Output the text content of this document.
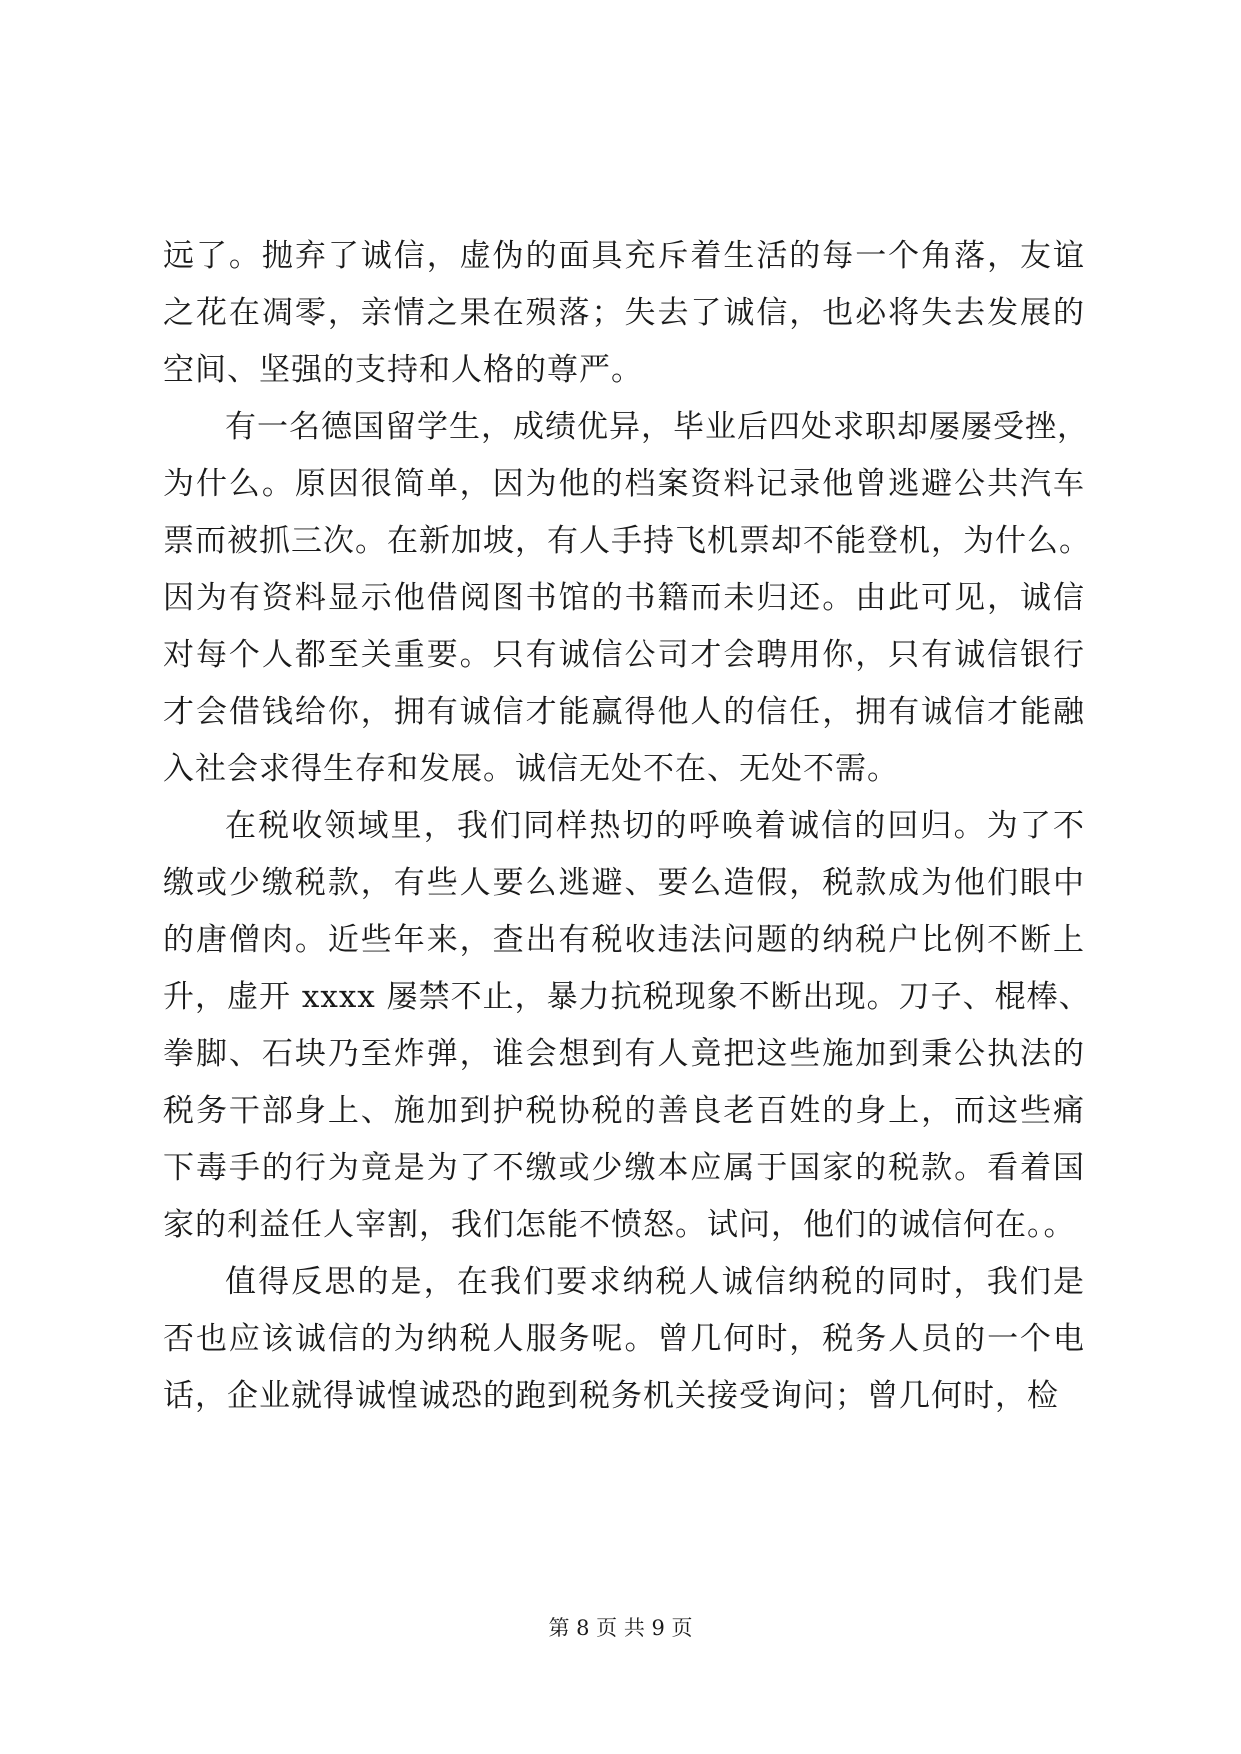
远了。抛弃了诚信，虚伪的面具充斥着生活的每一个角落，友谊
之花在凋零，亲情之果在殒落；失去了诚信，也必将失去发展的
空间、坚强的支持和人格的尊严。
有一名德国留学生，成绩优异，毕业后四处求职却屡屡受挫，
为什么。原因很简单，因为他的档案资料记录他曾逃避公共汽车
票而被抓三次。在新加坡，有人手持飞机票却不能登机，为什么。
因为有资料显示他借阅图书馆的书籍而未归还。由此可见，诚信
对每个人都至关重要。只有诚信公司才会聘用你，只有诚信银行
才会借钱给你，拥有诚信才能赢得他人的信任，拥有诚信才能融
入社会求得生存和发展。诚信无处不在、无处不需。
在税收领域里，我们同样热切的呼唤着诚信的回归。为了不
缴或少缴税款，有些人要么逃避、要么造假，税款成为他们眼中
的唐僧肉。近些年来，查出有税收违法问题的纳税户比例不断上
升，虚开 xxxx 屡禁不止，暴力抗税现象不断出现。刀子、棍棒、
拳脚、石块乃至炸弹，谁会想到有人竟把这些施加到秉公执法的
税务干部身上、施加到护税协税的善良老百姓的身上，而这些痛
下毒手的行为竟是为了不缴或少缴本应属于国家的税款。看着国
家的利益任人宰割，我们怎能不愤怒。试问，他们的诚信何在。。
值得反思的是，在我们要求纳税人诚信纳税的同时，我们是
否也应该诚信的为纳税人服务呢。曾几何时，税务人员的一个电
话，企业就得诚惶诚恐的跑到税务机关接受询问；曾几何时，检
第 8 页 共 9 页
